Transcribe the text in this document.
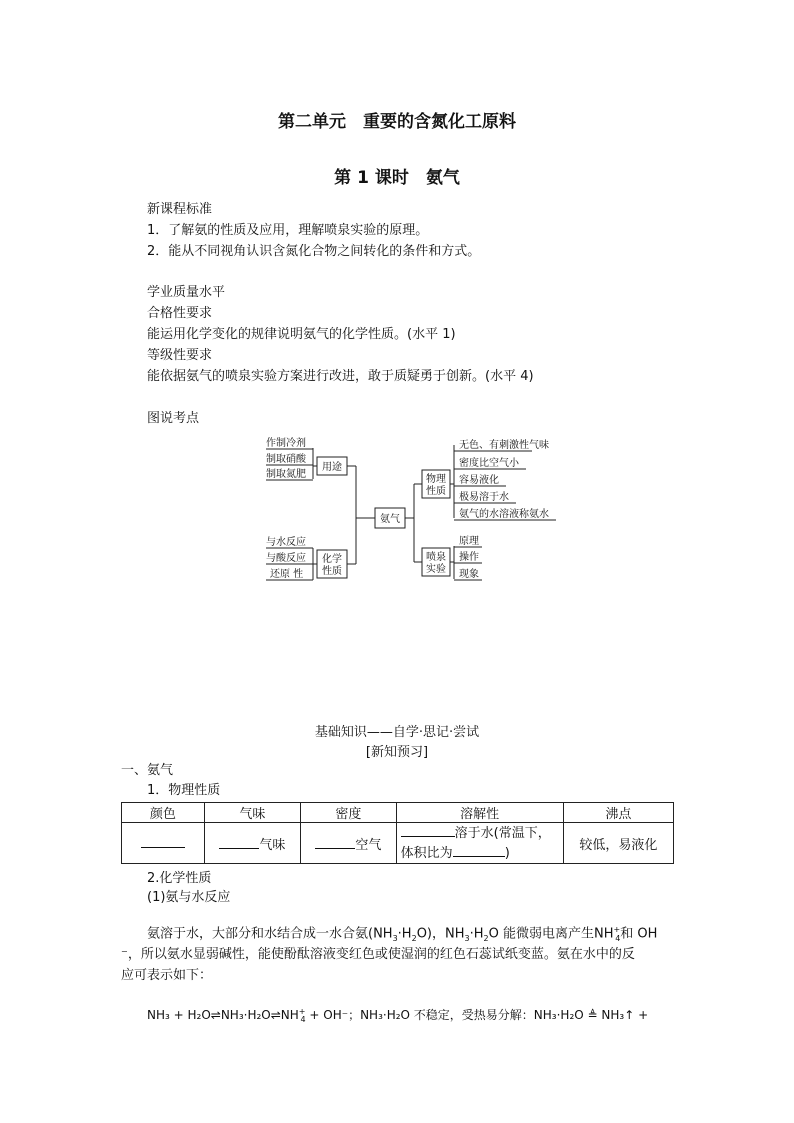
第二单元　重要的含氮化工原料
第 1 课时　氨气
新课程标准
1．了解氨的性质及应用，理解喷泉实验的原理。
2．能从不同视角认识含氮化合物之间转化的条件和方式。
学业质量水平
合格性要求
能运用化学变化的规律说明氨气的化学性质。(水平 1)
等级性要求
能依据氨气的喷泉实验方案进行改进，敢于质疑勇于创新。(水平 4)
图说考点
氨气
用途
作制冷剂
制取硝酸
制取氮肥
化学
性质
与水反应
与酸反应
还原 性
物理
性质
无色、有刺激性气味
密度比空气小
容易液化
极易溶于水
氨气的水溶液称氨水
喷泉
实验
原理
操作
现象
基础知识——自学·思记·尝试
[新知预习]
一、氨气
1．物理性质
颜色	气味	密度	溶解性	沸点
	气味	空气	溶于水(常温下，
体积比为 )	较低，易液化
2.化学性质
(1)氨与水反应
氨溶于水，大部分和水结合成一水合氨$(NH_3\cdot H_2O)$，$NH_3\cdot H_2O$ 能微弱电离产生$NH^+_4$和 OH
⁻，所以氨水显弱碱性，能使酚酞溶液变红色或使湿润的红色石蕊试纸变蓝。氨在水中的反
应可表示如下：
$NH_3 + H_2O\rightleftharpoons NH_3\cdot H_2O\rightleftharpoons NH^+_4 + OH^-$；NH₃·H₂O 不稳定，受热易分解：NH₃·H₂O ≜ NH₃↑ +
